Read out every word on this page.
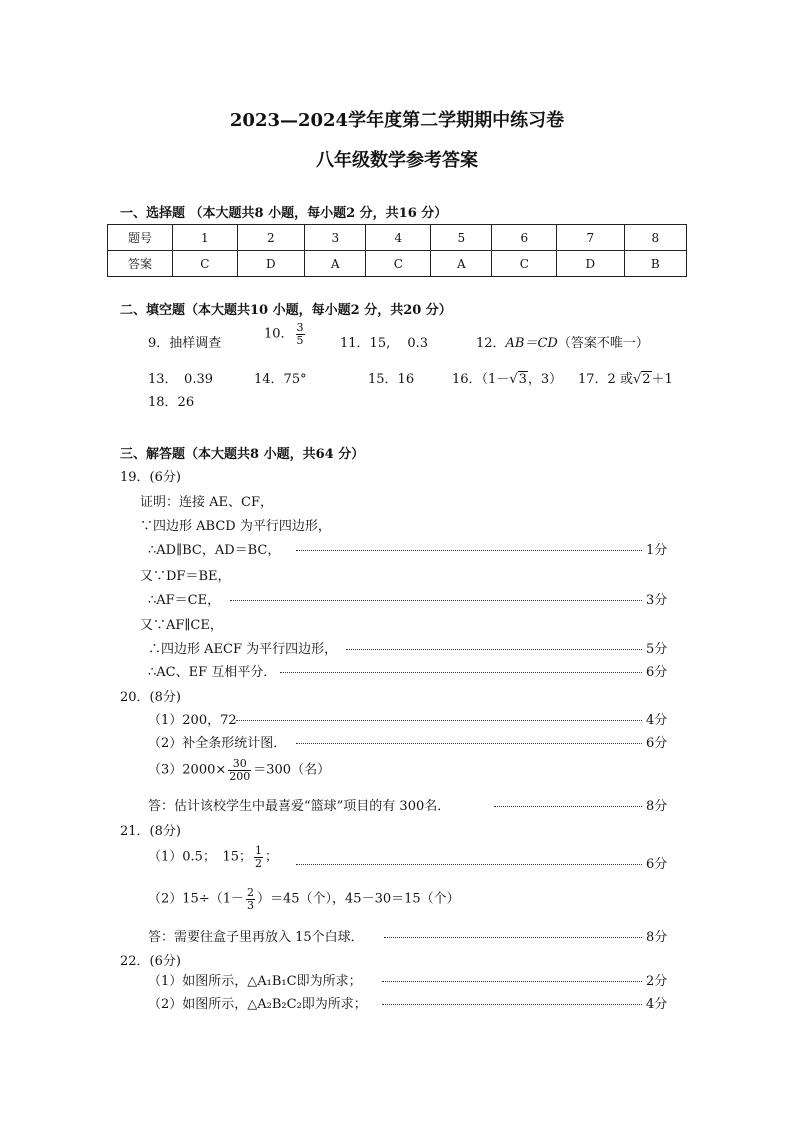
2023—2024学年度第二学期期中练习卷
八年级数学参考答案
一、选择题 （本大题共8 小题，每小题2 分，共16 分）
题号	1	2	3	4	5	6	7	8
答案	C	D	A	C	A	C	D	B
二、填空题（本大题共10 小题，每小题2 分，共20 分）
9．抽样调查
10． $\frac{3}{5}$	11．15,　 0.3	12．AB＝CD（答案不唯一）
13．　0.39	14．75°	15．16	16．（1－√3，3） 17．2 或√2＋1
18．26
三、解答题（本大题共8 小题，共64 分）
19．(6分)
证明：连接 AE、CF，
∵四边形 ABCD 为平行四边形，
∴AD∥BC，AD＝BC，	1分
又∵DF＝BE，
∴AF＝CE，	3分
又∵AF∥CE，
∴四边形 AECF 为平行四边形，	5分
∴AC、EF 互相平分．	6分
20．(8分)
（1）200，72	4分
（2）补全条形统计图．	6分
$(3)2000\times \frac{30}{200} =300$（名）
答：估计该校学生中最喜爱“篮球”项目的有 300名．	8分
21．(8分)
（1）0.5；　15； $\frac{1}{2}$ ；	6分
$(2)15\div(1- \frac{2}{3} )=45$（个），45－30＝15（个）
答：需要往盒子里再放入 15个白球．	8分
22．(6分)
（1）如图所示，△A₁B₁C即为所求；	2分
（2）如图所示，△A₂B₂C₂即为所求；	4分
